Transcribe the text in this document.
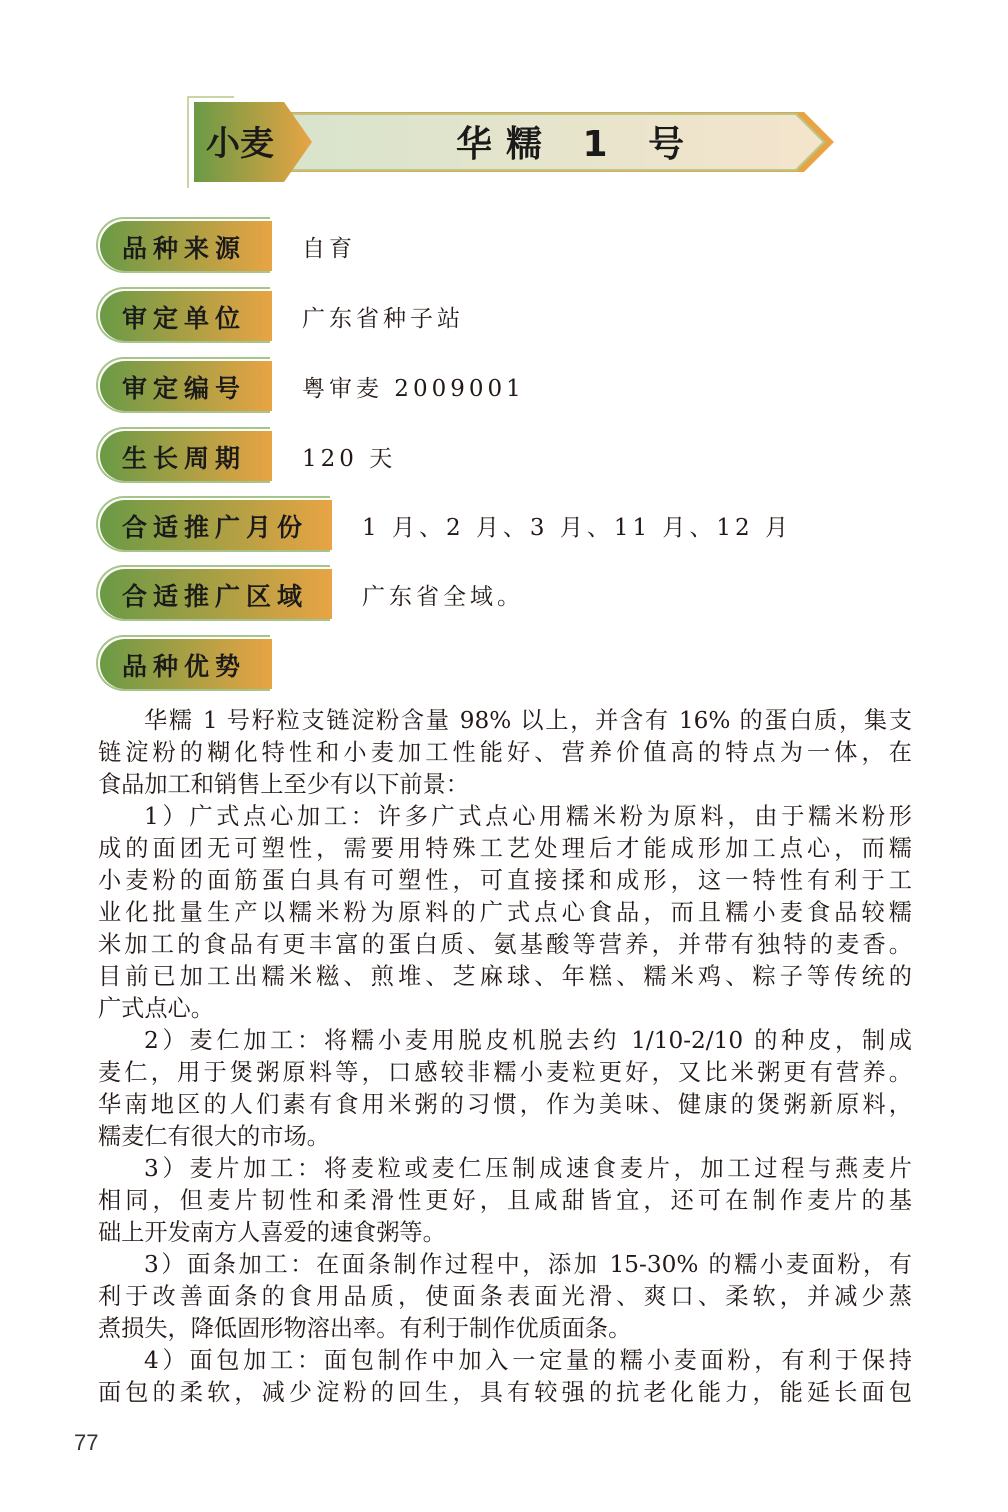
小麦	华糯 1 号
品种来源 自育
审定单位 广东省种子站
审定编号 粤审麦 2009001
生长周期 120 天
合适推广月份 1 月、2 月、3 月、11 月、12 月
合适推广区域 广东省全域。
品种优势
华糯 1 号籽粒支链淀粉含量 98% 以上，并含有 16% 的蛋白质，集支
链淀粉的糊化特性和小麦加工性能好、营养价值高的特点为一体，在
食品加工和销售上至少有以下前景：
1）广式点心加工：许多广式点心用糯米粉为原料，由于糯米粉形
成的面团无可塑性，需要用特殊工艺处理后才能成形加工点心，而糯
小麦粉的面筋蛋白具有可塑性，可直接揉和成形，这一特性有利于工
业化批量生产以糯米粉为原料的广式点心食品，而且糯小麦食品较糯
米加工的食品有更丰富的蛋白质、氨基酸等营养，并带有独特的麦香。
目前已加工出糯米糍、煎堆、芝麻球、年糕、糯米鸡、粽子等传统的
广式点心。
2）麦仁加工：将糯小麦用脱皮机脱去约 1/10-2/10 的种皮，制成
麦仁，用于煲粥原料等，口感较非糯小麦粒更好，又比米粥更有营养。
华南地区的人们素有食用米粥的习惯，作为美味、健康的煲粥新原料，
糯麦仁有很大的市场。
3）麦片加工：将麦粒或麦仁压制成速食麦片，加工过程与燕麦片
相同，但麦片韧性和柔滑性更好，且咸甜皆宜，还可在制作麦片的基
础上开发南方人喜爱的速食粥等。
3）面条加工：在面条制作过程中，添加 15-30% 的糯小麦面粉，有
利于改善面条的食用品质，使面条表面光滑、爽口、柔软，并减少蒸
煮损失，降低固形物溶出率。有利于制作优质面条。
4）面包加工：面包制作中加入一定量的糯小麦面粉，有利于保持
面包的柔软，减少淀粉的回生，具有较强的抗老化能力，能延长面包
77
